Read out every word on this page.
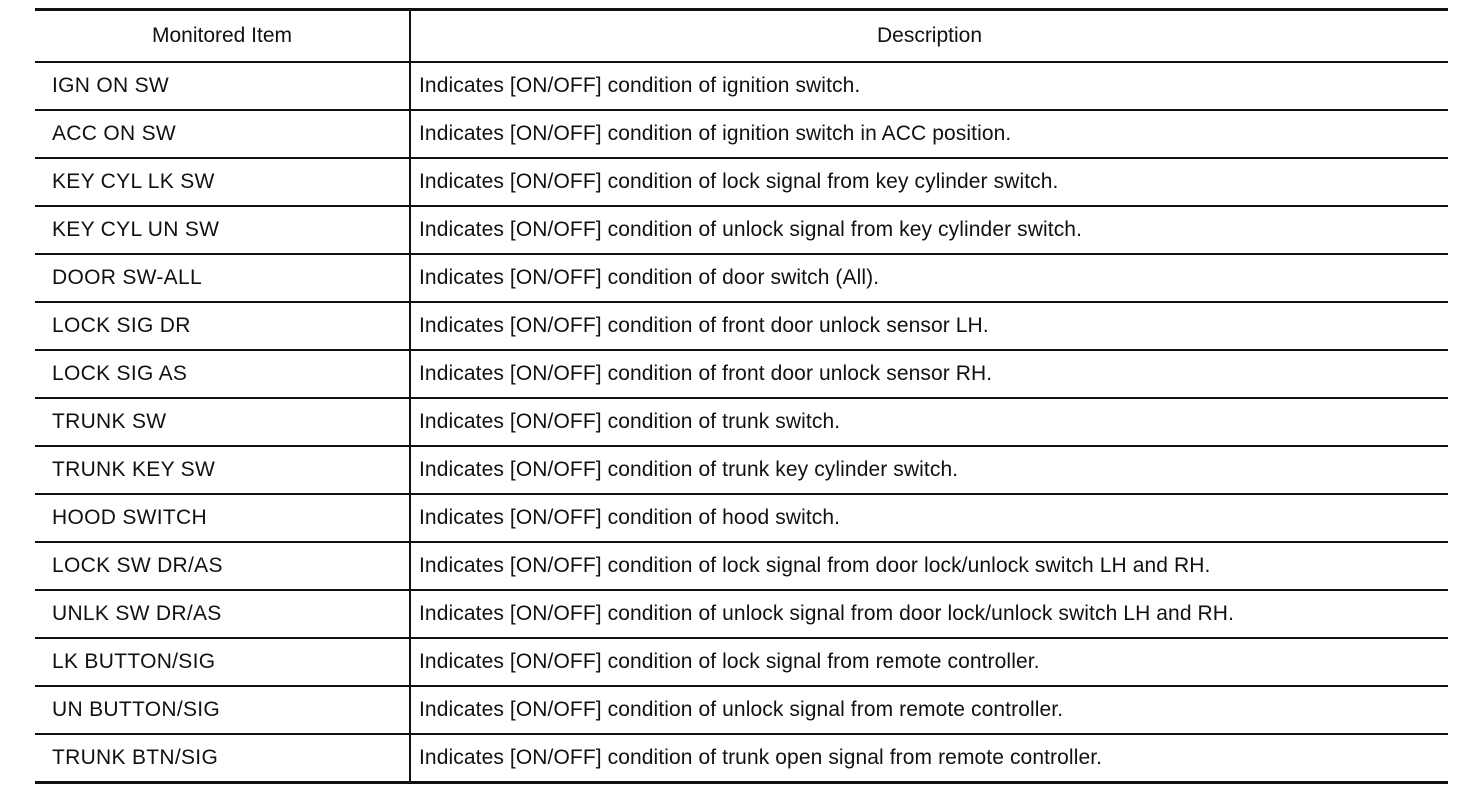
Monitored Item	Description
IGN ON SW	Indicates [ON/OFF] condition of ignition switch.
ACC ON SW	Indicates [ON/OFF] condition of ignition switch in ACC position.
KEY CYL LK SW	Indicates [ON/OFF] condition of lock signal from key cylinder switch.
KEY CYL UN SW	Indicates [ON/OFF] condition of unlock signal from key cylinder switch.
DOOR SW-ALL	Indicates [ON/OFF] condition of door switch (All).
LOCK SIG DR	Indicates [ON/OFF] condition of front door unlock sensor LH.
LOCK SIG AS	Indicates [ON/OFF] condition of front door unlock sensor RH.
TRUNK SW	Indicates [ON/OFF] condition of trunk switch.
TRUNK KEY SW	Indicates [ON/OFF] condition of trunk key cylinder switch.
HOOD SWITCH	Indicates [ON/OFF] condition of hood switch.
LOCK SW DR/AS	Indicates [ON/OFF] condition of lock signal from door lock/unlock switch LH and RH.
UNLK SW DR/AS	Indicates [ON/OFF] condition of unlock signal from door lock/unlock switch LH and RH.
LK BUTTON/SIG	Indicates [ON/OFF] condition of lock signal from remote controller.
UN BUTTON/SIG	Indicates [ON/OFF] condition of unlock signal from remote controller.
TRUNK BTN/SIG	Indicates [ON/OFF] condition of trunk open signal from remote controller.
